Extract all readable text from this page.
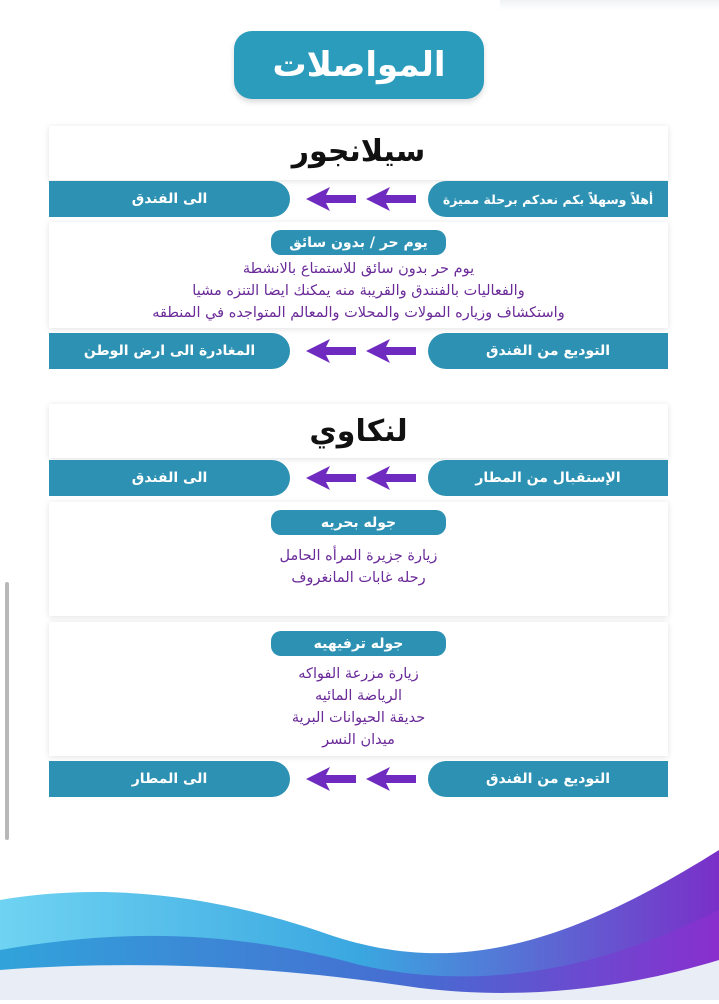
المواصلات
سيلانجور
الى الفندق	أهلاً وسهلاً بكم نعدكم برحلة مميزة
يوم حر / بدون سائق
يوم حر بدون سائق للاستمتاع بالانشطة
والفعاليات بالفنندق والقريبة منه يمكنك ايضا التنزه مشيا
واستكشاف وزياره المولات والمحلات والمعالم المتواجده في المنطقه
المغادرة الى ارض الوطن	التوديع من الفندق
لنكاوي
الى الفندق	الإستقبال من المطار
جوله بحريه
زيارة جزيرة المرأه الحامل
رحله غابات المانغروف
جوله ترفيهيه
زيارة مزرعة الفواكه
الرياضة المائيه
حديقة الحيوانات البرية
ميدان النسر
الى المطار	التوديع من الفندق
